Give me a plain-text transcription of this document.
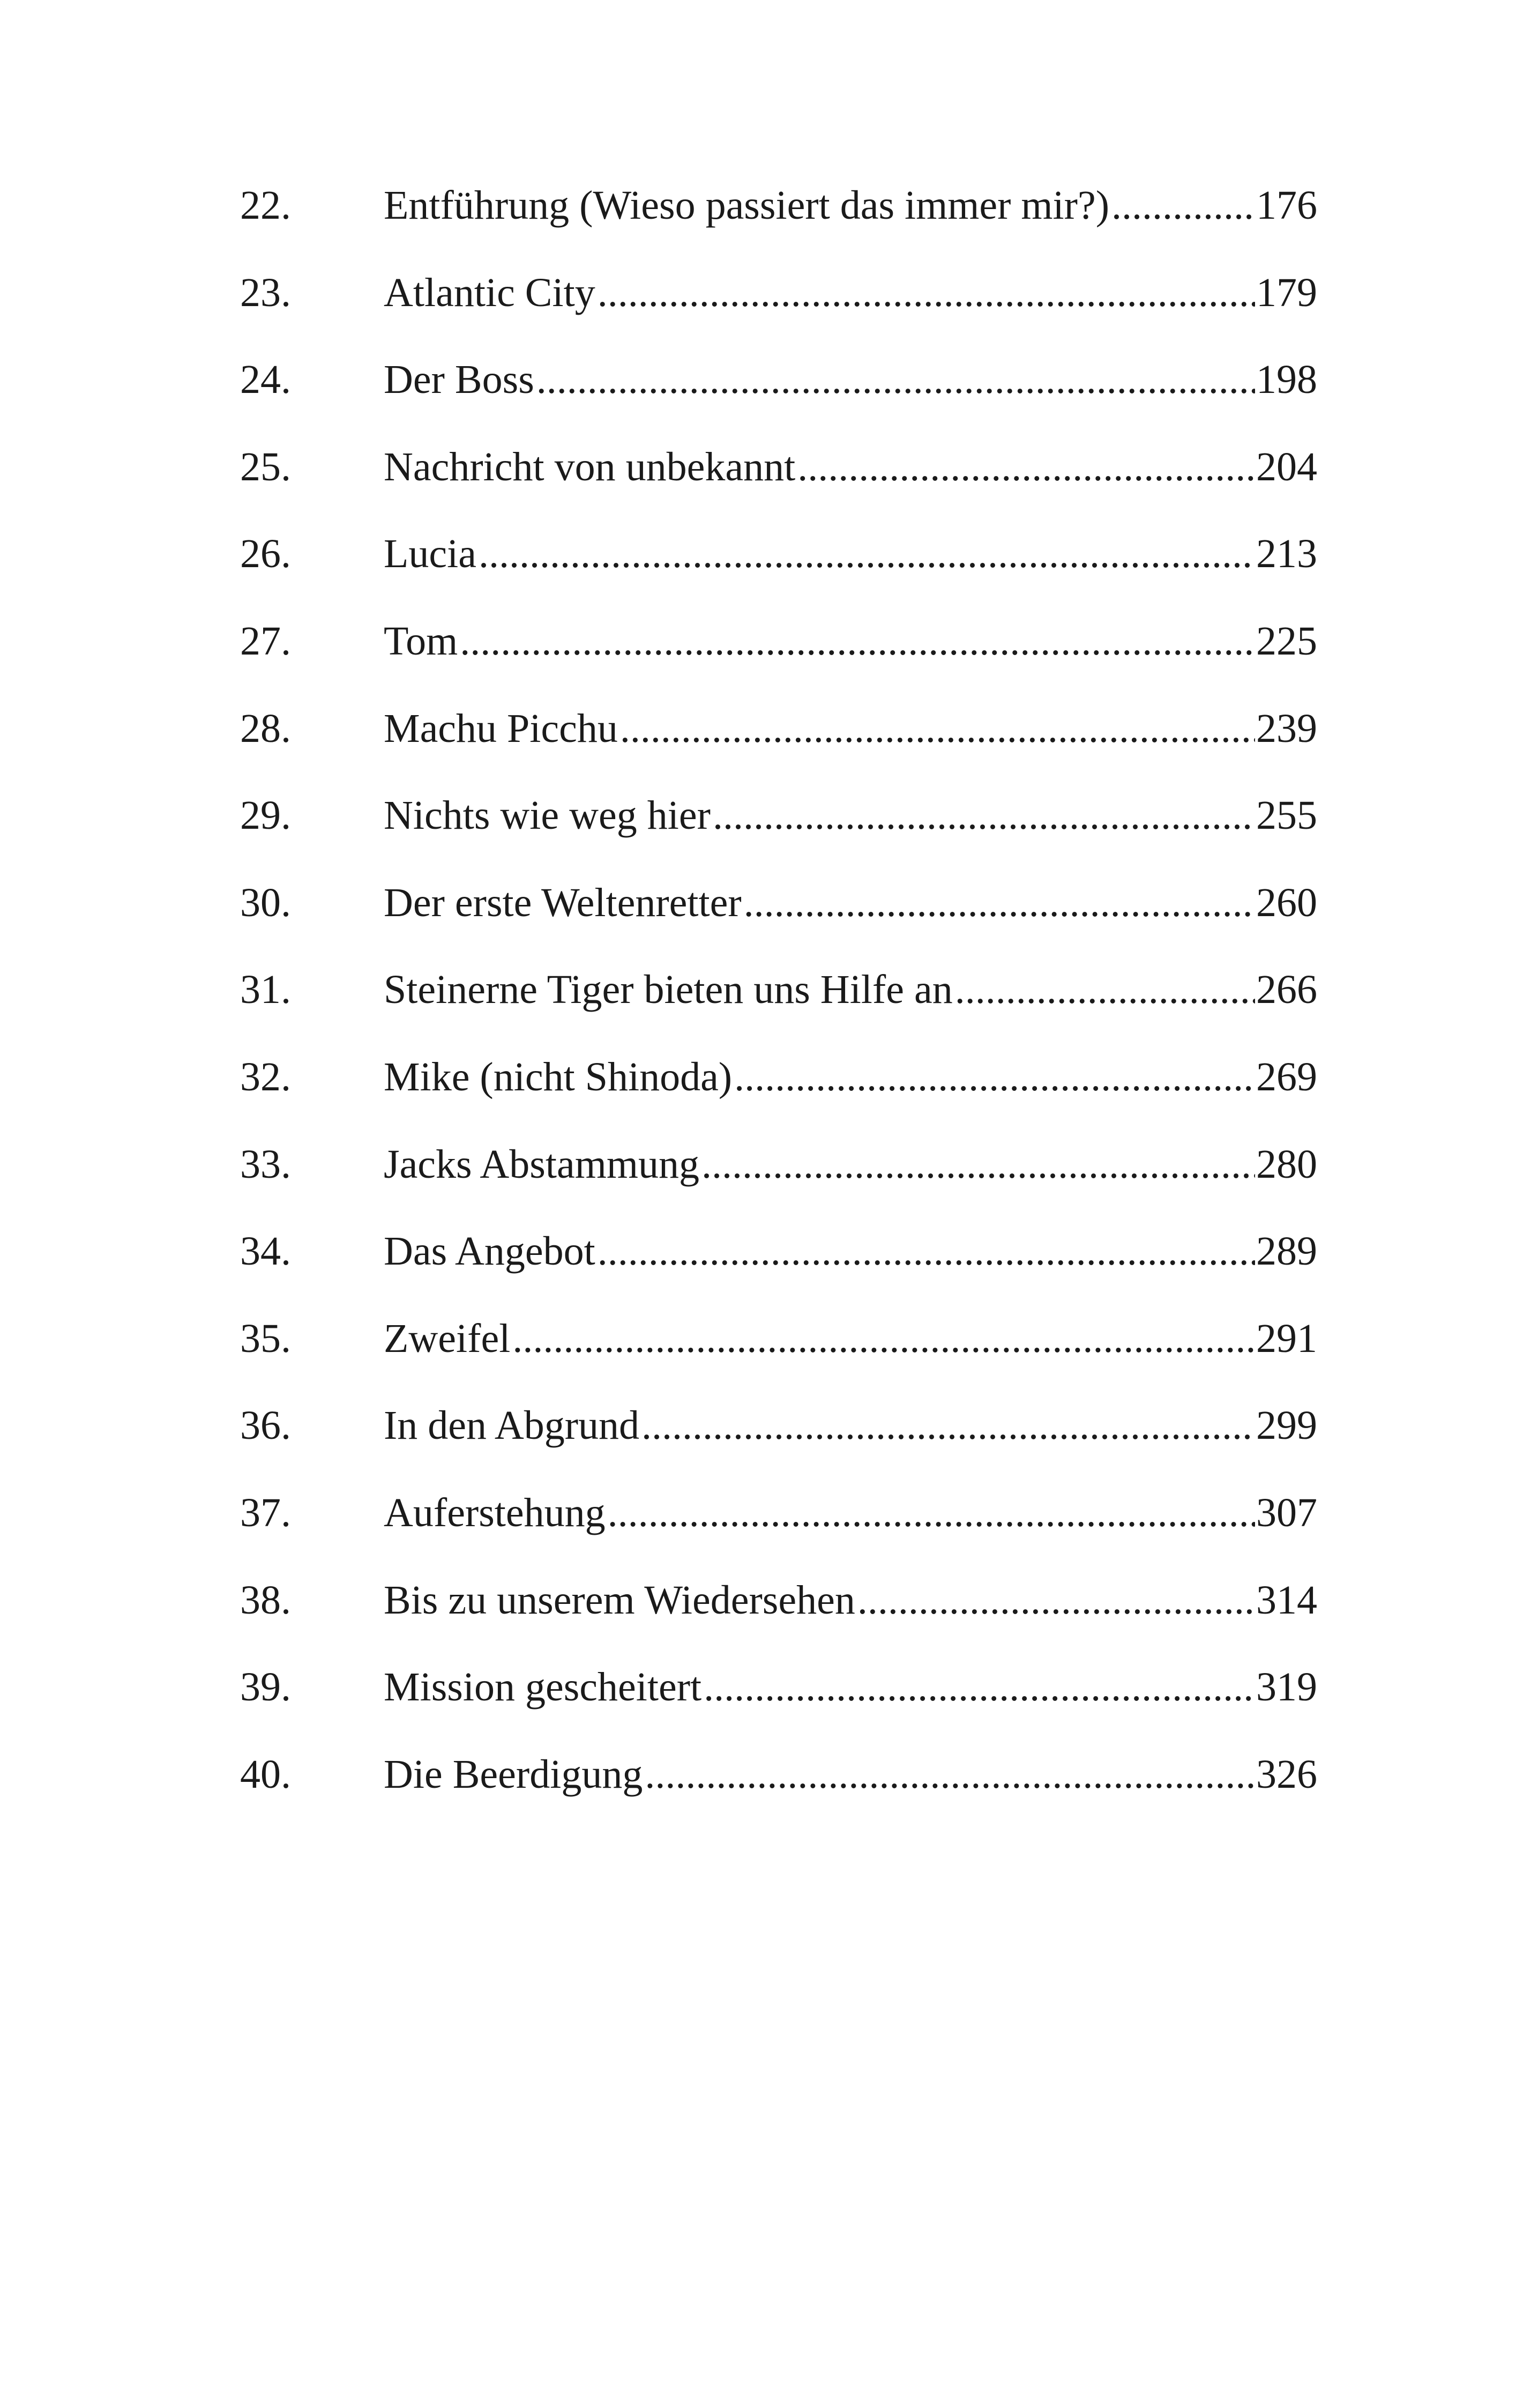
22.	Entführung (Wieso passiert das immer mir?) .....	176
23.	Atlantic City .....	179
24.	Der Boss .....	198
25.	Nachricht von unbekannt .....	204
26.	Lucia .....	213
27.	Tom .....	225
28.	Machu Picchu .....	239
29.	Nichts wie weg hier .....	255
30.	Der erste Weltenretter .....	260
31.	Steinerne Tiger bieten uns Hilfe an .....	266
32.	Mike (nicht Shinoda) .....	269
33.	Jacks Abstammung .....	280
34.	Das Angebot .....	289
35.	Zweifel .....	291
36.	In den Abgrund .....	299
37.	Auferstehung .....	307
38.	Bis zu unserem Wiedersehen .....	314
39.	Mission gescheitert .....	319
40.	Die Beerdigung .....	326
